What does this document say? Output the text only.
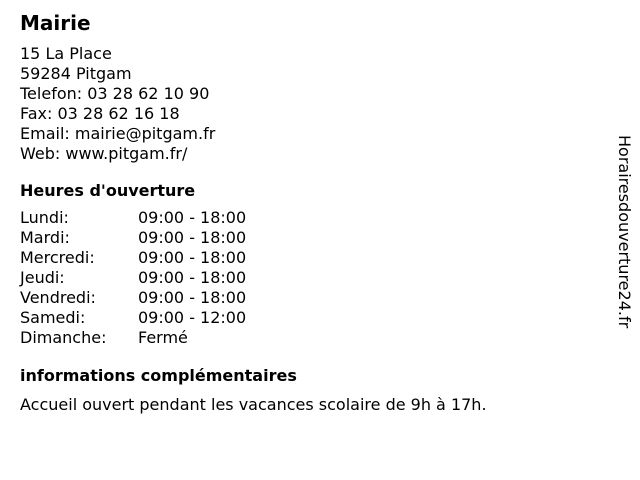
Mairie
15 La Place
59284 Pitgam
Telefon: 03 28 62 10 90
Fax: 03 28 62 16 18
Email: mairie@pitgam.fr
Web: www.pitgam.fr/
Heures d'ouverture
Lundi:	09:00 - 18:00
Mardi:	09:00 - 18:00
Mercredi:	09:00 - 18:00
Jeudi:	09:00 - 18:00
Vendredi:	09:00 - 18:00
Samedi:	09:00 - 12:00
Dimanche:	Fermé
informations complémentaires
Accueil ouvert pendant les vacances scolaire de 9h à 17h.
Horairesdouverture24.fr
